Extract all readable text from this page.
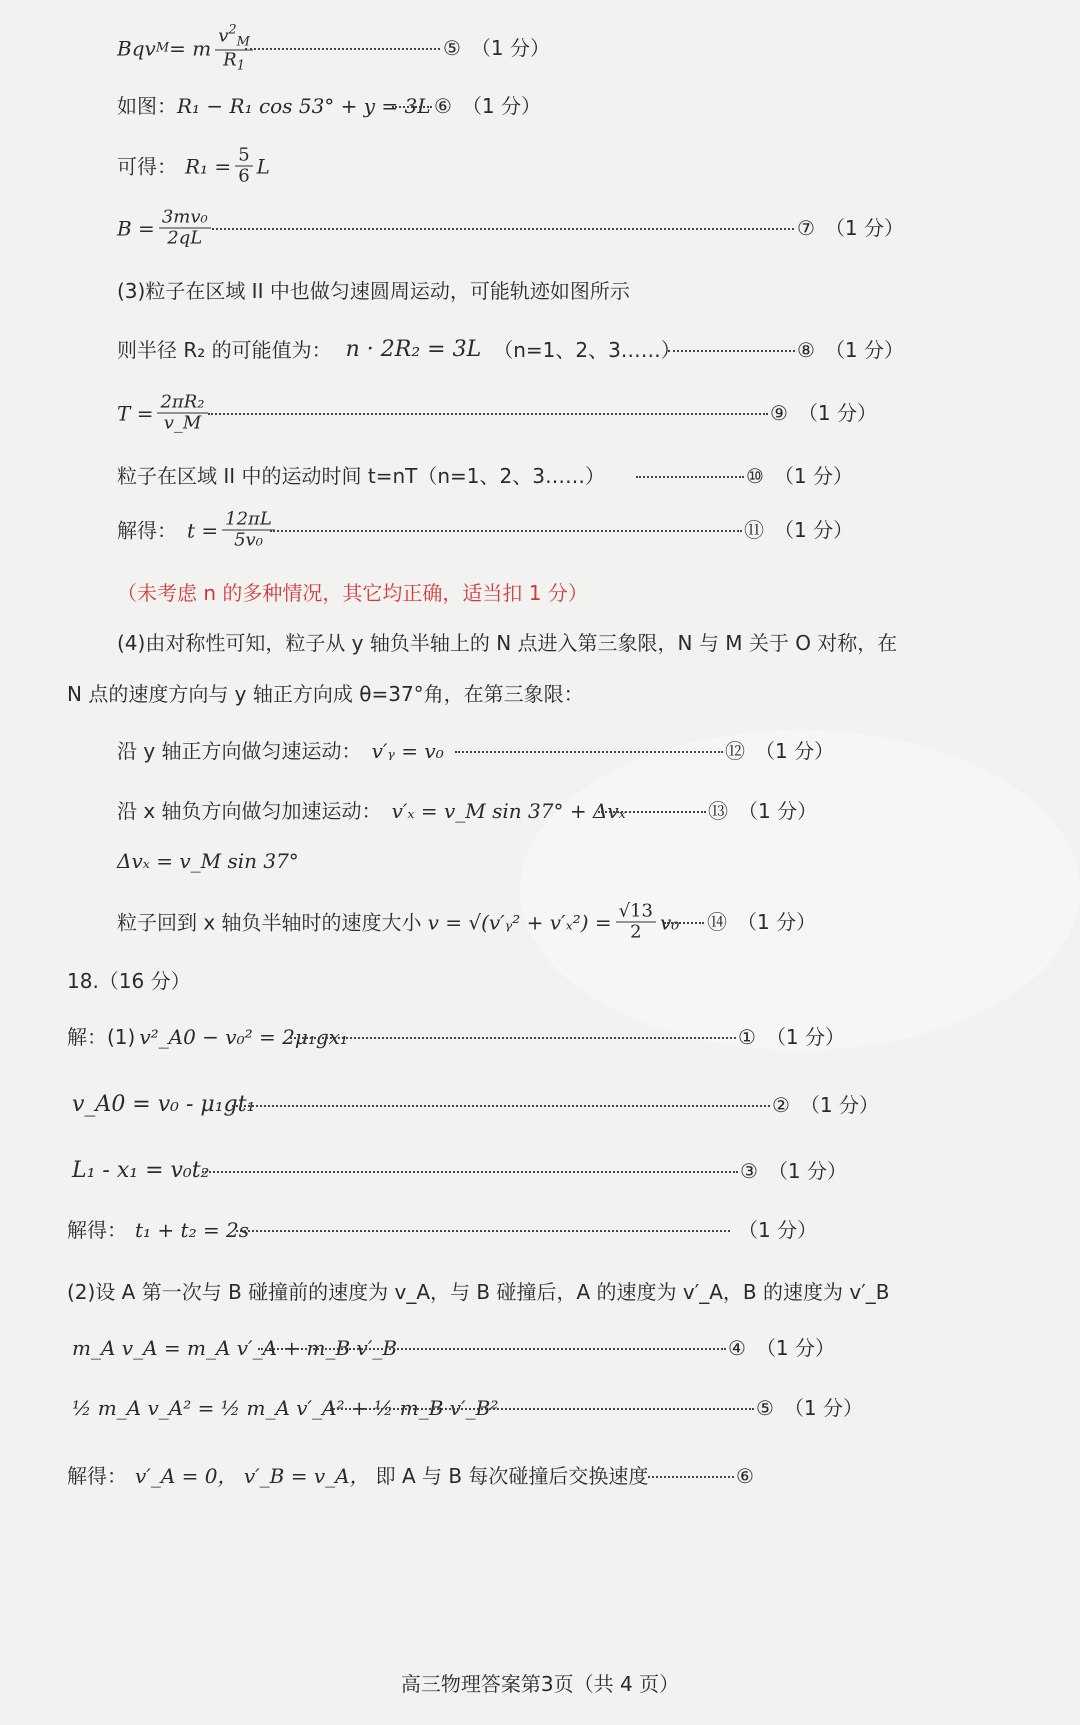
Bqv M = m $\frac{v^2_M}{R_1}$	⑤ （1 分）
如图： R₁ − R₁ cos 53° + y = 3L ⑥ （1 分）
可得： $R_1 = \frac{5}{6}$ L
$B = \frac{\text{3mv₀}}{2qL}$	⑦ （1 分）
(3)粒子在区域 II 中也做匀速圆周运动，可能轨迹如图所示
则半径 R₂ 的可能值为： n · 2R₂ = 3L （n=1、2、3……）	⑧ （1 分）
$T = \frac{\text{2πR₂}}{v\_M}$	⑨ （1 分）
粒子在区域 II 中的运动时间 t=nT（n=1、2、3……）	⑩ （1 分）
解得： $t = \frac{12\pi L}{\text{5v₀}}$	⑪ （1 分）
（未考虑 n 的多种情况，其它均正确，适当扣 1 分）
(4)由对称性可知，粒子从 y 轴负半轴上的 N 点进入第三象限，N 与 M 关于 O 对称，在
N 点的速度方向与 y 轴正方向成 θ=37°角，在第三象限：
沿 y 轴正方向做匀速运动： v′ᵧ = v₀	⑫ （1 分）
沿 x 轴负方向做匀加速运动： v′ₓ = v_M sin 37° + Δvₓ	⑬ （1 分）
Δvₓ = v_M sin 37°
粒子回到 x 轴负半轴时的速度大小 v = √(v′ᵧ² + $v'_x^2) = \frac{√13}{2} v_0$ ⑭ （1 分）
18.（16 分）
解：(1) v²_A0 − v₀² = 2μ₁gx₁	① （1 分）
v_A0 = v₀ - μ₁gt₁	② （1 分）
L₁ - x₁ = v₀t₂	③ （1 分）
解得： t₁ + t₂ = 2s	（1 分）
(2)设 A 第一次与 B 碰撞前的速度为 v_A，与 B 碰撞后，A 的速度为 v′_A，B 的速度为 v′_B
m_A v_A = m_A v′_A + m_B v′_B	④ （1 分）
½ m_A v_A² = ½ m_A v′_A² + ½ m_B v′_B²	⑤ （1 分）
解得： v′_A = 0， v′_B = v_A， 即 A 与 B 每次碰撞后交换速度	⑥
高三物理答案第3页（共 4 页）
